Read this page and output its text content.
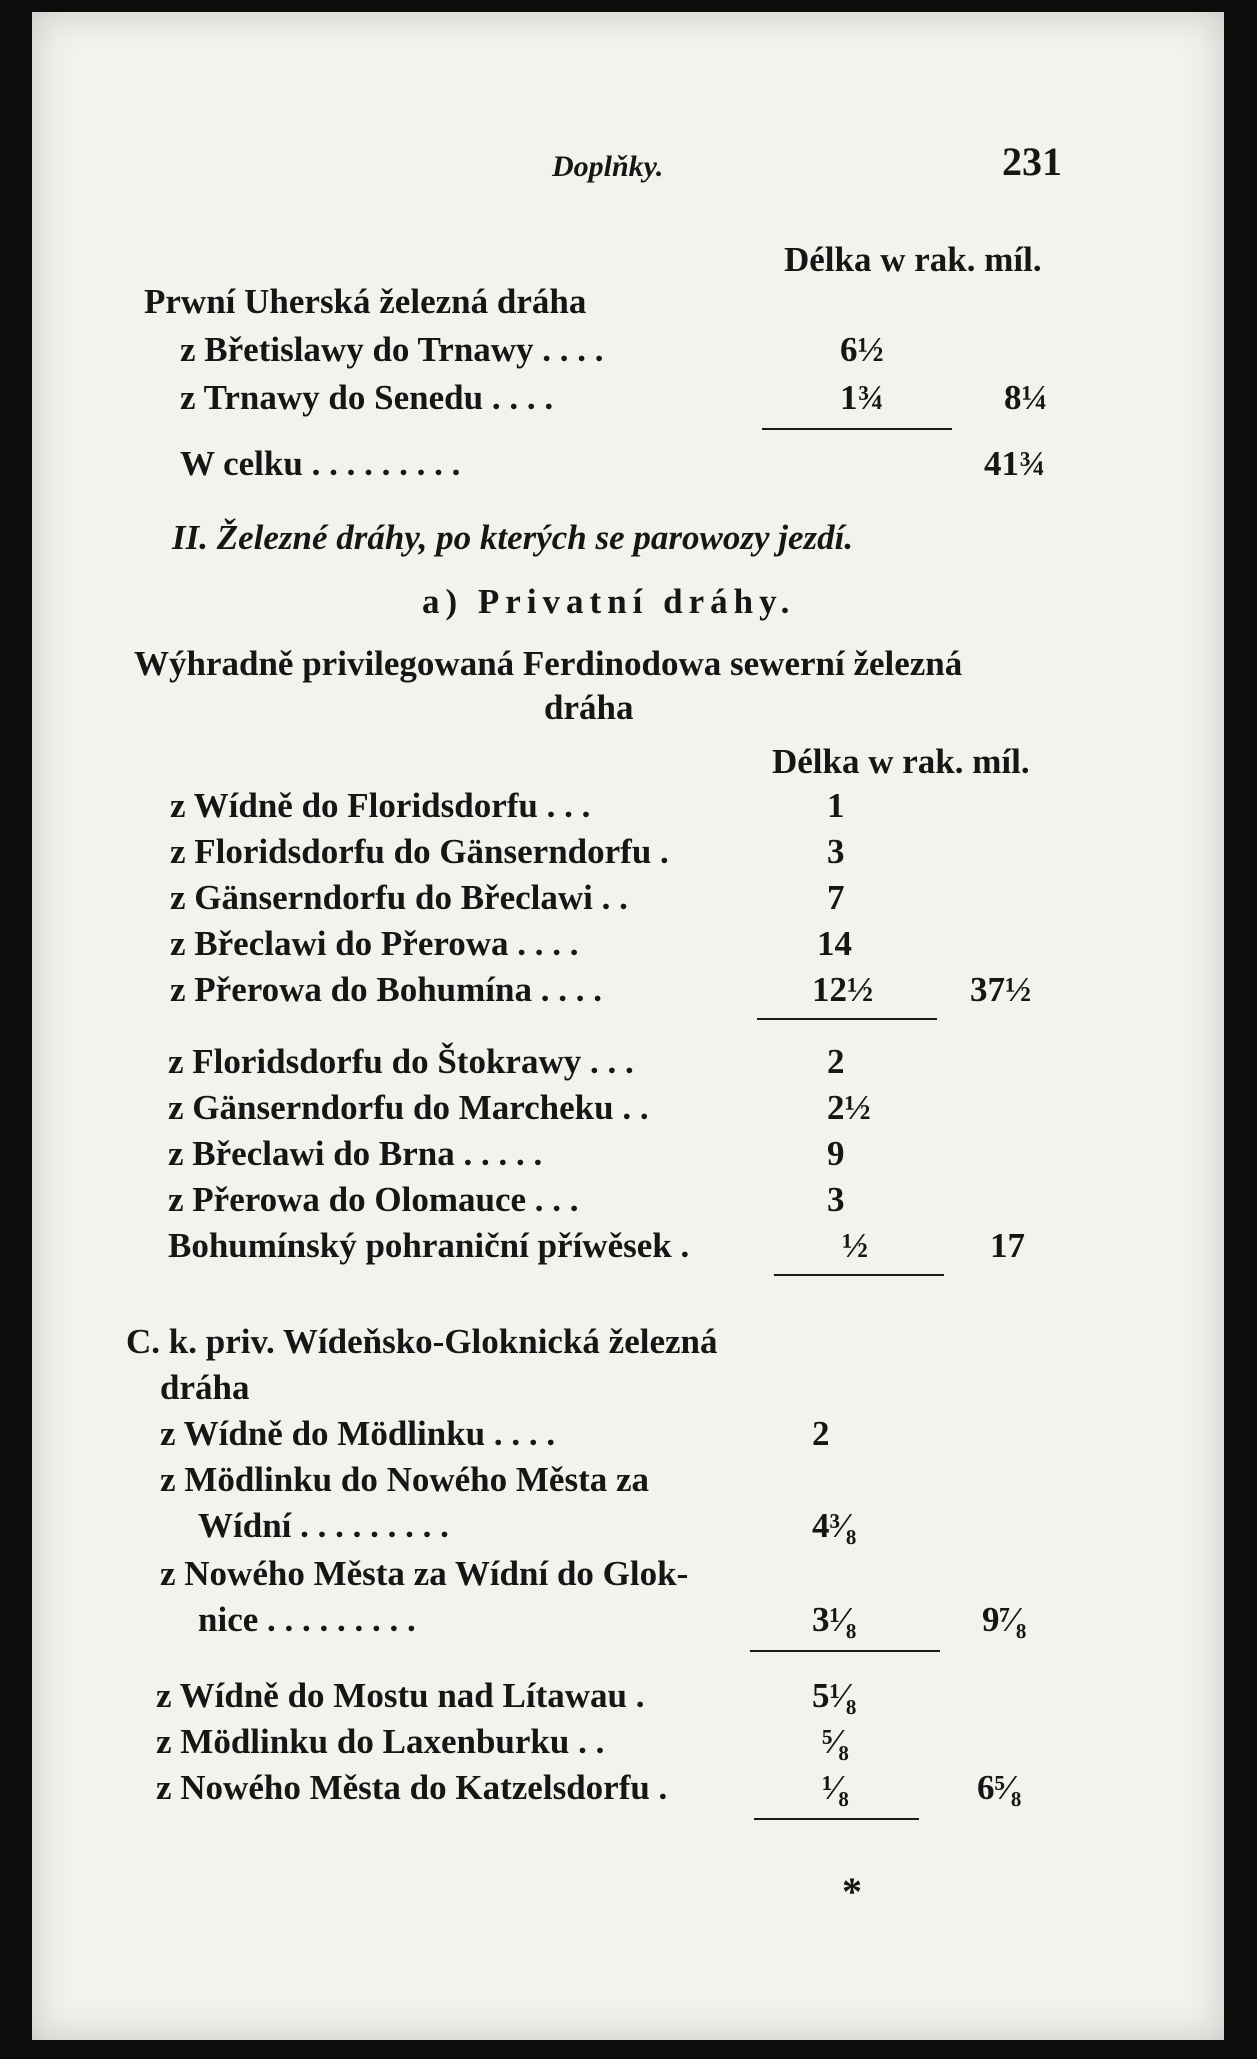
Doplňky.	231
Délka w rak. míl.
Prwní Uherská železná dráha
z Břetislawy do Trnawy . . . .	6½
z Trnawy do Senedu . . . .	1¾	8¼
W celku . . . . . . . . .	41¾
II. Železné dráhy, po kterých se parowozy jezdí.
a) Privatní dráhy.
Wýhradně privilegowaná Ferdinodowa sewerní železná
dráha
Délka w rak. míl.
z Wídně do Floridsdorfu . . .	1
z Floridsdorfu do Gänserndorfu .	3
z Gänserndorfu do Břeclawi . .	7
z Břeclawi do Přerowa . . . .	14
z Přerowa do Bohumína . . . .	12½	37½
z Floridsdorfu do Štokrawy . . .	2
z Gänserndorfu do Marcheku . .	2½
z Břeclawi do Brna . . . . .	9
z Přerowa do Olomauce . . .	3
Bohumínský pohraniční příwěsek .	½	17
C. k. priv. Wídeňsko-Gloknická železná
dráha
z Wídně do Mödlinku . . . .	2
z Mödlinku do Nowého Města za
Wídní . . . . . . . . .	4³⁄₈
z Nowého Města za Wídní do Glok-
nice . . . . . . . . .	3¹⁄₈	9⁷⁄₈
z Wídně do Mostu nad Lítawau .	5¹⁄₈
z Mödlinku do Laxenburku . .	⁵⁄₈
z Nowého Města do Katzelsdorfu .	¹⁄₈	6⁵⁄₈
*
